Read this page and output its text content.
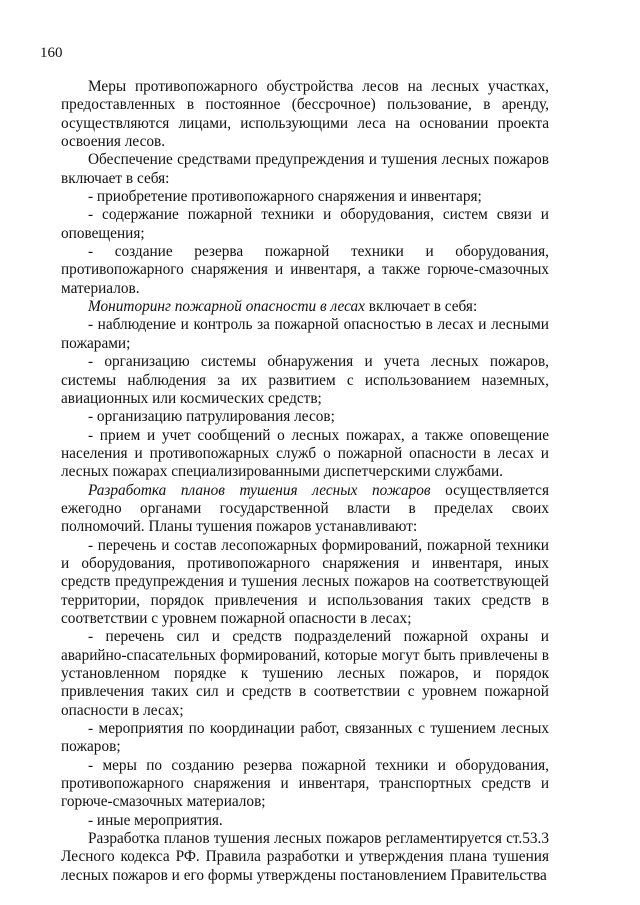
160

Меры противопожарного обустройства лесов на лесных участках, предоставленных в постоянное (бессрочное) пользование, в аренду, осуществляются лицами, использующими леса на основании проекта освоения лесов.

Обеспечение средствами предупреждения и тушения лесных пожаров включает в себя:

- приобретение противопожарного снаряжения и инвентаря;

- содержание пожарной техники и оборудования, систем связи и оповещения;

- создание резерва пожарной техники и оборудования, противопожарного снаряжения и инвентаря, а также горюче-смазочных материалов.

Мониторинг пожарной опасности в лесах включает в себя:

- наблюдение и контроль за пожарной опасностью в лесах и лесными пожарами;

- организацию системы обнаружения и учета лесных пожаров, системы наблюдения за их развитием с использованием наземных, авиационных или космических средств;

- организацию патрулирования лесов;

- прием и учет сообщений о лесных пожарах, а также оповещение населения и противопожарных служб о пожарной опасности в лесах и лесных пожарах специализированными диспетчерскими службами.

Разработка планов тушения лесных пожаров осуществляется ежегодно органами государственной власти в пределах своих полномочий. Планы тушения пожаров устанавливают:

- перечень и состав лесопожарных формирований, пожарной техники и оборудования, противопожарного снаряжения и инвентаря, иных средств предупреждения и тушения лесных пожаров на соответствующей территории, порядок привлечения и использования таких средств в соответствии с уровнем пожарной опасности в лесах;

- перечень сил и средств подразделений пожарной охраны и аварийно-спасательных формирований, которые могут быть привлечены в установленном порядке к тушению лесных пожаров, и порядок привлечения таких сил и средств в соответствии с уровнем пожарной опасности в лесах;

- мероприятия по координации работ, связанных с тушением лесных пожаров;

- меры по созданию резерва пожарной техники и оборудования, противопожарного снаряжения и инвентаря, транспортных средств и горюче-смазочных материалов;

- иные мероприятия.

Разработка планов тушения лесных пожаров регламентируется ст.53.3 Лесного кодекса РФ. Правила разработки и утверждения плана тушения лесных пожаров и его формы утверждены постановлением Правительства
